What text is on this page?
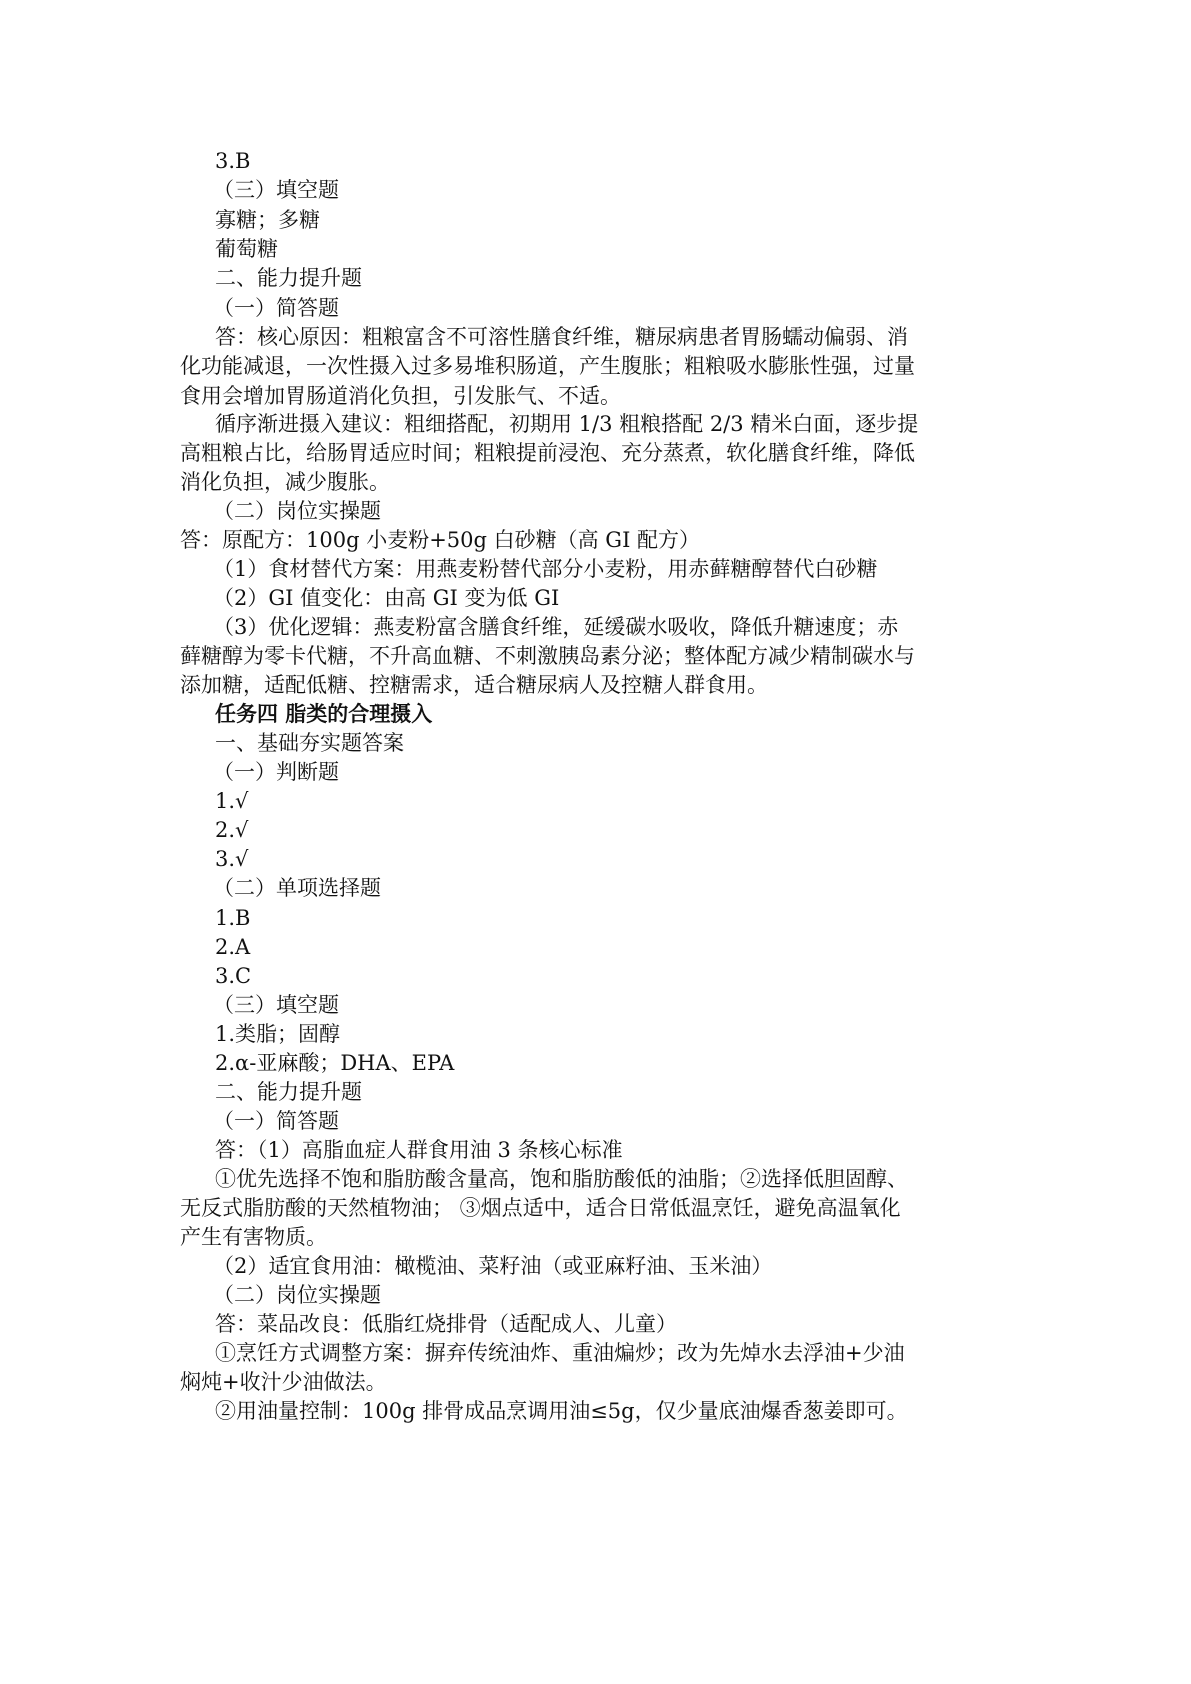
3.B
（三）填空题
寡糖；多糖
葡萄糖
二、能力提升题
（一）简答题
答：核心原因：粗粮富含不可溶性膳食纤维，糖尿病患者胃肠蠕动偏弱、消
化功能减退，一次性摄入过多易堆积肠道，产生腹胀；粗粮吸水膨胀性强，过量
食用会增加胃肠道消化负担，引发胀气、不适。
循序渐进摄入建议：粗细搭配，初期用 1/3 粗粮搭配 2/3 精米白面，逐步提
高粗粮占比，给肠胃适应时间；粗粮提前浸泡、充分蒸煮，软化膳食纤维，降低
消化负担，减少腹胀。
（二）岗位实操题
答：原配方：100g 小麦粉+50g 白砂糖（高 GI 配方）
（1）食材替代方案：用燕麦粉替代部分小麦粉，用赤藓糖醇替代白砂糖
（2）GI 值变化：由高 GI 变为低 GI
（3）优化逻辑：燕麦粉富含膳食纤维，延缓碳水吸收，降低升糖速度；赤
藓糖醇为零卡代糖，不升高血糖、不刺激胰岛素分泌；整体配方减少精制碳水与
添加糖，适配低糖、控糖需求，适合糖尿病人及控糖人群食用。
任务四 脂类的合理摄入
一、基础夯实题答案
（一）判断题
1.√
2.√
3.√
（二）单项选择题
1.B
2.A
3.C
（三）填空题
1.类脂；固醇
2.α-亚麻酸；DHA、EPA
二、能力提升题
（一）简答题
答：（1）高脂血症人群食用油 3 条核心标准
①优先选择不饱和脂肪酸含量高，饱和脂肪酸低的油脂；②选择低胆固醇、
无反式脂肪酸的天然植物油； ③烟点适中，适合日常低温烹饪，避免高温氧化
产生有害物质。
（2）适宜食用油：橄榄油、菜籽油（或亚麻籽油、玉米油）
（二）岗位实操题
答：菜品改良：低脂红烧排骨（适配成人、儿童）
①烹饪方式调整方案：摒弃传统油炸、重油煸炒；改为先焯水去浮油+少油
焖炖+收汁少油做法。
②用油量控制：100g 排骨成品烹调用油≤5g，仅少量底油爆香葱姜即可。
